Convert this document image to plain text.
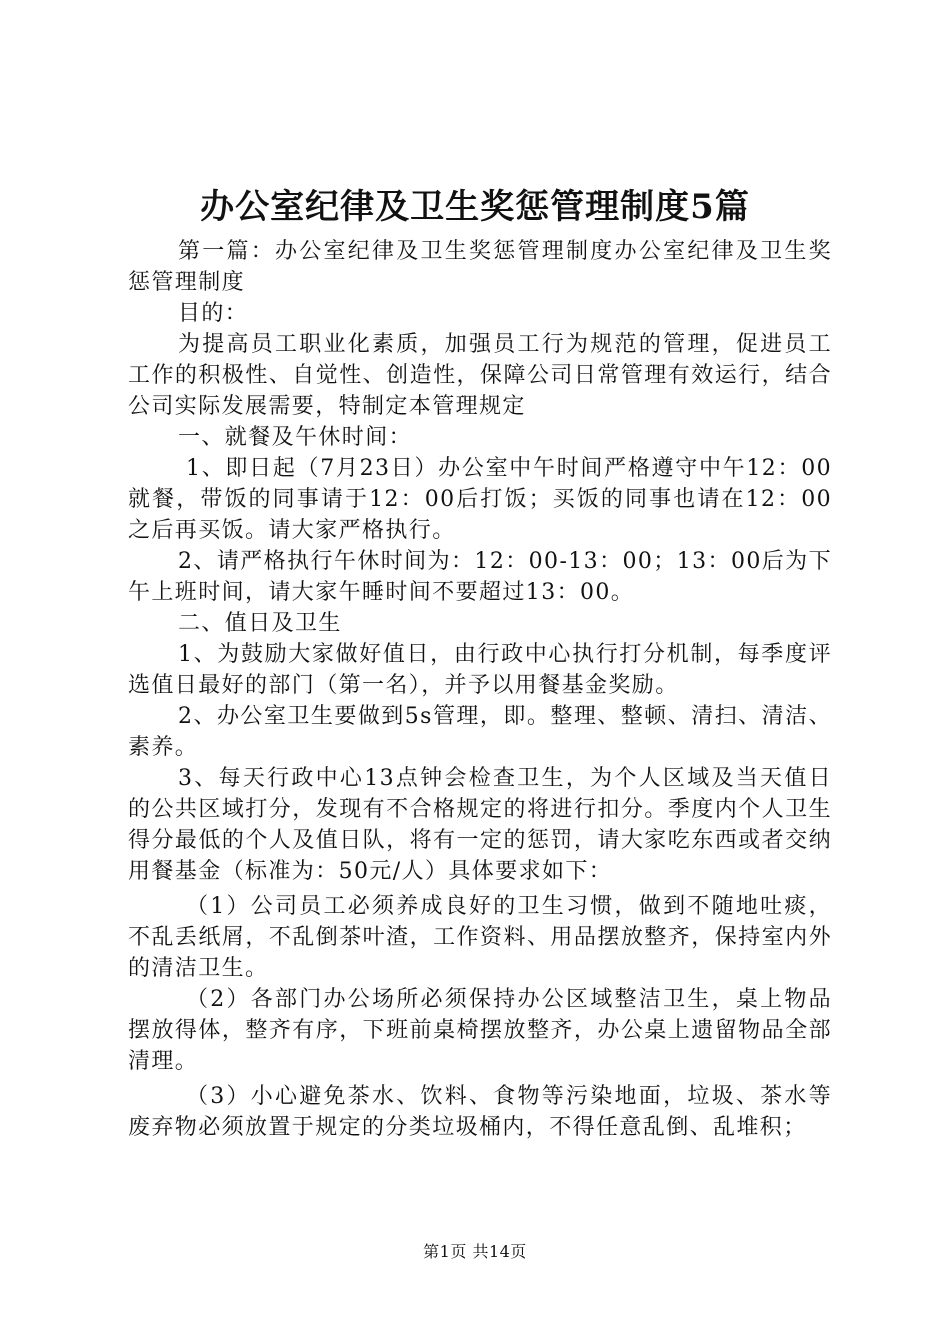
办公室纪律及卫生奖惩管理制度5篇

第一篇：办公室纪律及卫生奖惩管理制度办公室纪律及卫生奖惩管理制度

目的：

为提高员工职业化素质，加强员工行为规范的管理，促进员工工作的积极性、自觉性、创造性，保障公司日常管理有效运行，结合公司实际发展需要，特制定本管理规定

一、就餐及午休时间：

1、即日起（7月23日）办公室中午时间严格遵守中午12：00就餐，带饭的同事请于12：00后打饭；买饭的同事也请在12：00之后再买饭。请大家严格执行。

2、请严格执行午休时间为：12：00-13：00；13：00后为下午上班时间，请大家午睡时间不要超过13：00。

二、值日及卫生

1、为鼓励大家做好值日，由行政中心执行打分机制，每季度评选值日最好的部门（第一名），并予以用餐基金奖励。

2、办公室卫生要做到5s管理，即。整理、整顿、清扫、清洁、素养。

3、每天行政中心13点钟会检查卫生，为个人区域及当天值日的公共区域打分，发现有不合格规定的将进行扣分。季度内个人卫生得分最低的个人及值日队，将有一定的惩罚，请大家吃东西或者交纳用餐基金（标准为：50元/人）具体要求如下：

（1）公司员工必须养成良好的卫生习惯，做到不随地吐痰，不乱丢纸屑，不乱倒茶叶渣，工作资料、用品摆放整齐，保持室内外的清洁卫生。

（2）各部门办公场所必须保持办公区域整洁卫生，桌上物品摆放得体，整齐有序，下班前桌椅摆放整齐，办公桌上遗留物品全部清理。

（3）小心避免茶水、饮料、食物等污染地面，垃圾、茶水等废弃物必须放置于规定的分类垃圾桶内，不得任意乱倒、乱堆积；

第1页 共14页
